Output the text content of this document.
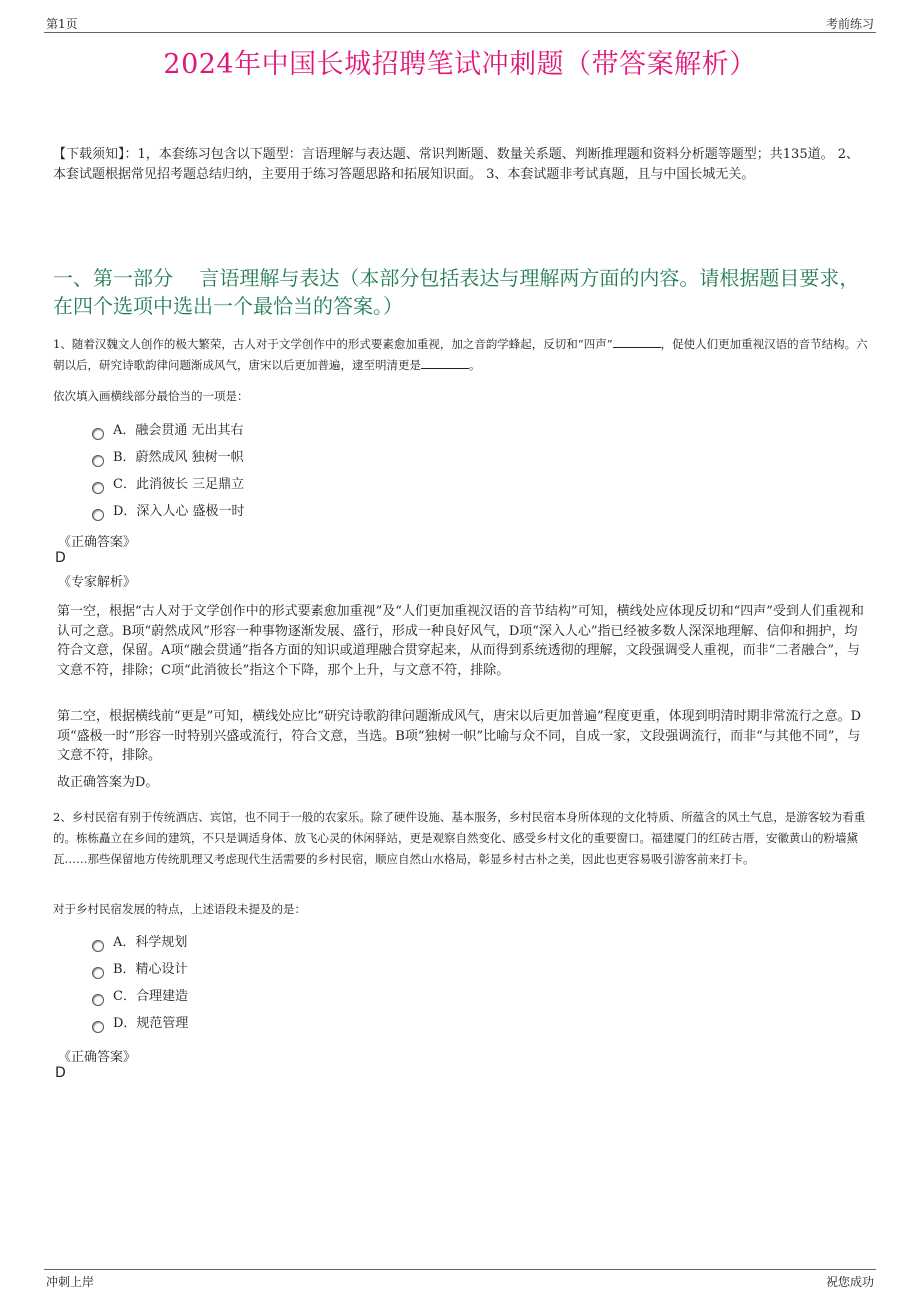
第1页	考前练习
2024年中国长城招聘笔试冲刺题（带答案解析）
【下载须知】：1，本套练习包含以下题型：言语理解与表达题、常识判断题、数量关系题、判断推理题和资料分析题等题型；共135道。 2、本套试题根据常见招考题总结归纳，主要用于练习答题思路和拓展知识面。 3、本套试题非考试真题，且与中国长城无关。
一、第一部分　 言语理解与表达（本部分包括表达与理解两方面的内容。请根据题目要求，在四个选项中选出一个最恰当的答案。）
1、随着汉魏文人创作的极大繁荣，古人对于文学创作中的形式要素愈加重视，加之音韵学蜂起，反切和“四声”	，促使人们更加重视汉语的音节结构。六朝以后，研究诗歌韵律问题渐成风气，唐宋以后更加普遍，逮至明清更是	。
依次填入画横线部分最恰当的一项是：
A．融会贯通 无出其右
B．蔚然成风 独树一帜
C．此消彼长 三足鼎立
D．深入人心 盛极一时
《正确答案》
D
《专家解析》
第一空，根据“古人对于文学创作中的形式要素愈加重视”及“人们更加重视汉语的音节结构”可知，横线处应体现反切和“四声”受到人们重视和认可之意。B项“蔚然成风”形容一种事物逐渐发展、盛行，形成一种良好风气，D项“深入人心”指已经被多数人深深地理解、信仰和拥护，均符合文意，保留。A项“融会贯通”指各方面的知识或道理融合贯穿起来，从而得到系统透彻的理解，文段强调受人重视，而非“二者融合”，与文意不符，排除；C项“此消彼长”指这个下降，那个上升，与文意不符，排除。
第二空，根据横线前“更是”可知，横线处应比“研究诗歌韵律问题渐成风气，唐宋以后更加普遍”程度更重，体现到明清时期非常流行之意。D项“盛极一时”形容一时特别兴盛或流行，符合文意，当选。B项“独树一帜”比喻与众不同，自成一家，文段强调流行，而非“与其他不同”，与文意不符，排除。
故正确答案为D。
2、乡村民宿有别于传统酒店、宾馆，也不同于一般的农家乐。除了硬件设施、基本服务，乡村民宿本身所体现的文化特质、所蕴含的风土气息，是游客较为看重的。栋栋矗立在乡间的建筑，不只是调适身体、放飞心灵的休闲驿站，更是观察自然变化、感受乡村文化的重要窗口。福建厦门的红砖古厝，安徽黄山的粉墙黛瓦……那些保留地方传统肌理又考虑现代生活需要的乡村民宿，顺应自然山水格局，彰显乡村古朴之美，因此也更容易吸引游客前来打卡。
对于乡村民宿发展的特点，上述语段未提及的是：
A．科学规划
B．精心设计
C．合理建造
D．规范管理
《正确答案》
D
冲刺上岸	祝您成功
